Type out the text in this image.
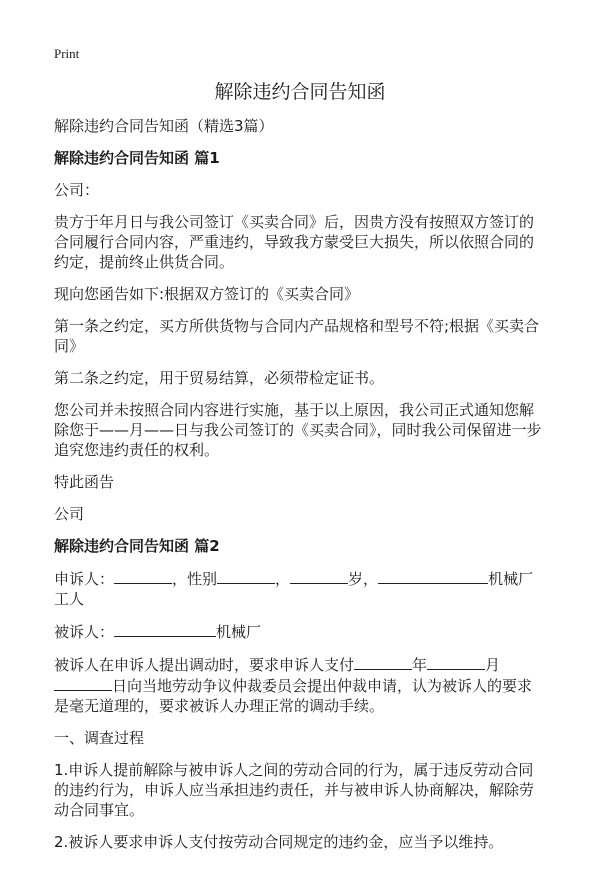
Print
解除违约合同告知函
解除违约合同告知函（精选3篇）
解除违约合同告知函 篇1
公司：
贵方于年月日与我公司签订《买卖合同》后，因贵方没有按照双方签订的合同履行合同内容，严重违约，导致我方蒙受巨大损失，所以依照合同的约定，提前终止供货合同。
现向您函告如下:根据双方签订的《买卖合同》
第一条之约定，买方所供货物与合同内产品规格和型号不符;根据《买卖合同》
第二条之约定，用于贸易结算，必须带检定证书。
您公司并未按照合同内容进行实施，基于以上原因，我公司正式通知您解除您于——月——日与我公司签订的《买卖合同》，同时我公司保留进一步追究您违约责任的权利。
特此函告
公司
解除违约合同告知函 篇2
申诉人：	，性别	，	岁，	机械厂工人
被诉人：	机械厂
被诉人在申诉人提出调动时，要求申诉人支付	年	月日向当地劳动争议仲裁委员会提出仲裁申请，认为被诉人的要求是毫无道理的，要求被诉人办理正常的调动手续。
一、调查过程
1.申诉人提前解除与被申诉人之间的劳动合同的行为，属于违反劳动合同的违约行为，申诉人应当承担违约责任，并与被申诉人协商解决，解除劳动合同事宜。
2.被诉人要求申诉人支付按劳动合同规定的违约金，应当予以维持。
